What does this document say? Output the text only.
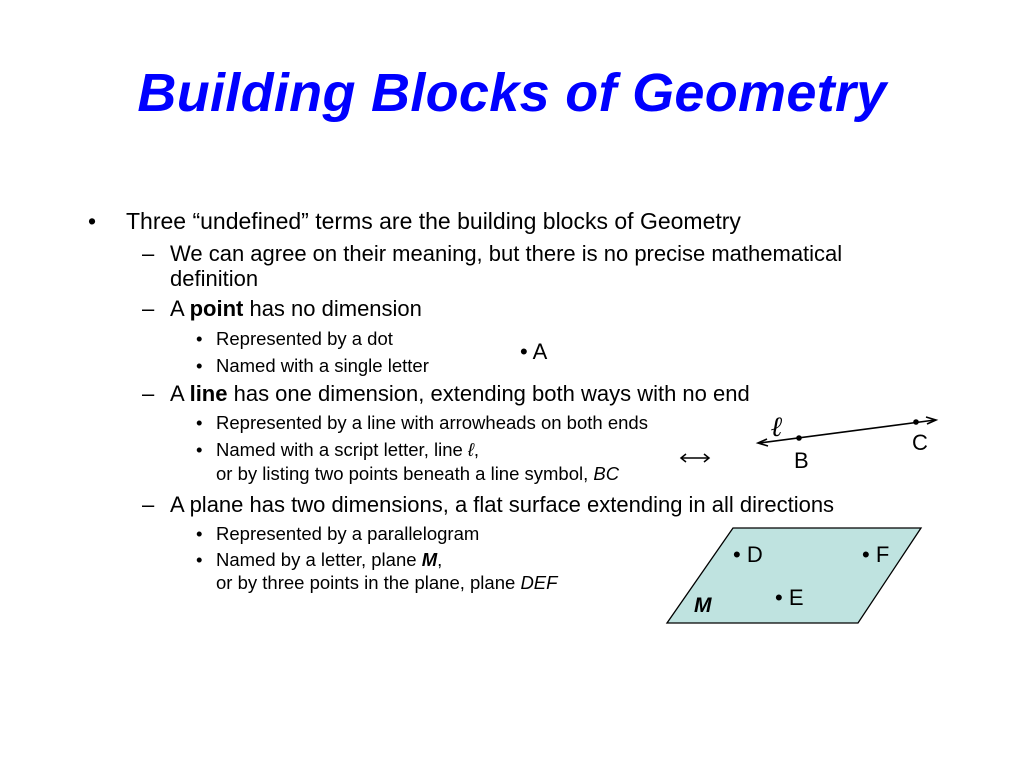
Building Blocks of Geometry
• Three “undefined” terms are the building blocks of Geometry
– We can agree on their meaning, but there is no precise mathematical
definition
– A point has no dimension
• Represented by a dot
• Named with a single letter
– A line has one dimension, extending both ways with no end
• Represented by a line with arrowheads on both ends
• Named with a script letter, line ℓ,
or by listing two points beneath a line symbol, BC
– A plane has two dimensions, a flat surface extending in all directions
• Represented by a parallelogram
• Named by a letter, plane M,
or by three points in the plane, plane DEF
• A
ℓ
B
C
• D	• F
• E
M
